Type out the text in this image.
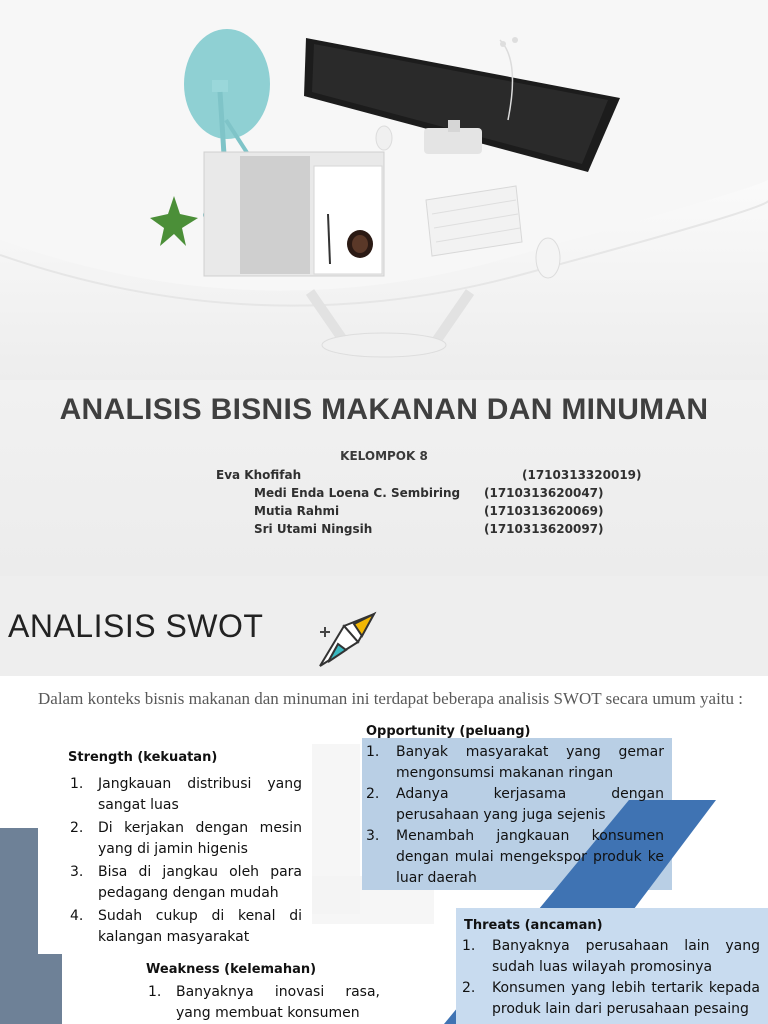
ANALISIS BISNIS MAKANAN DAN MINUMAN
KELOMPOK 8
Eva Khofifah	(1710313320019)
Medi Enda Loena C. Sembiring (1710313620047)
Mutia Rahmi	(1710313620069)
Sri Utami Ningsih	(1710313620097)
ANALISIS SWOT
Dalam konteks bisnis makanan dan minuman ini terdapat beberapa analisis SWOT secara umum yaitu :
Strength (kekuatan)
1. Jangkauan distribusi yang sangat luas
2. Di kerjakan dengan mesin yang di jamin higenis
3. Bisa di jangkau oleh para pedagang dengan mudah
4. Sudah cukup di kenal di kalangan masyarakat
Weakness (kelemahan)
1. Banyaknya inovasi rasa, yang membuat konsumen
Opportunity (peluang)
1. Banyak masyarakat yang gemar mengonsumsi makanan ringan
2. Adanya kerjasama dengan perusahaan yang juga sejenis
3. Menambah jangkauan konsumen dengan mulai mengekspor produk ke luar daerah
Threats (ancaman)
1. Banyaknya perusahaan lain yang sudah luas wilayah promosinya
2. Konsumen yang lebih tertarik kepada produk lain dari perusahaan pesaing
